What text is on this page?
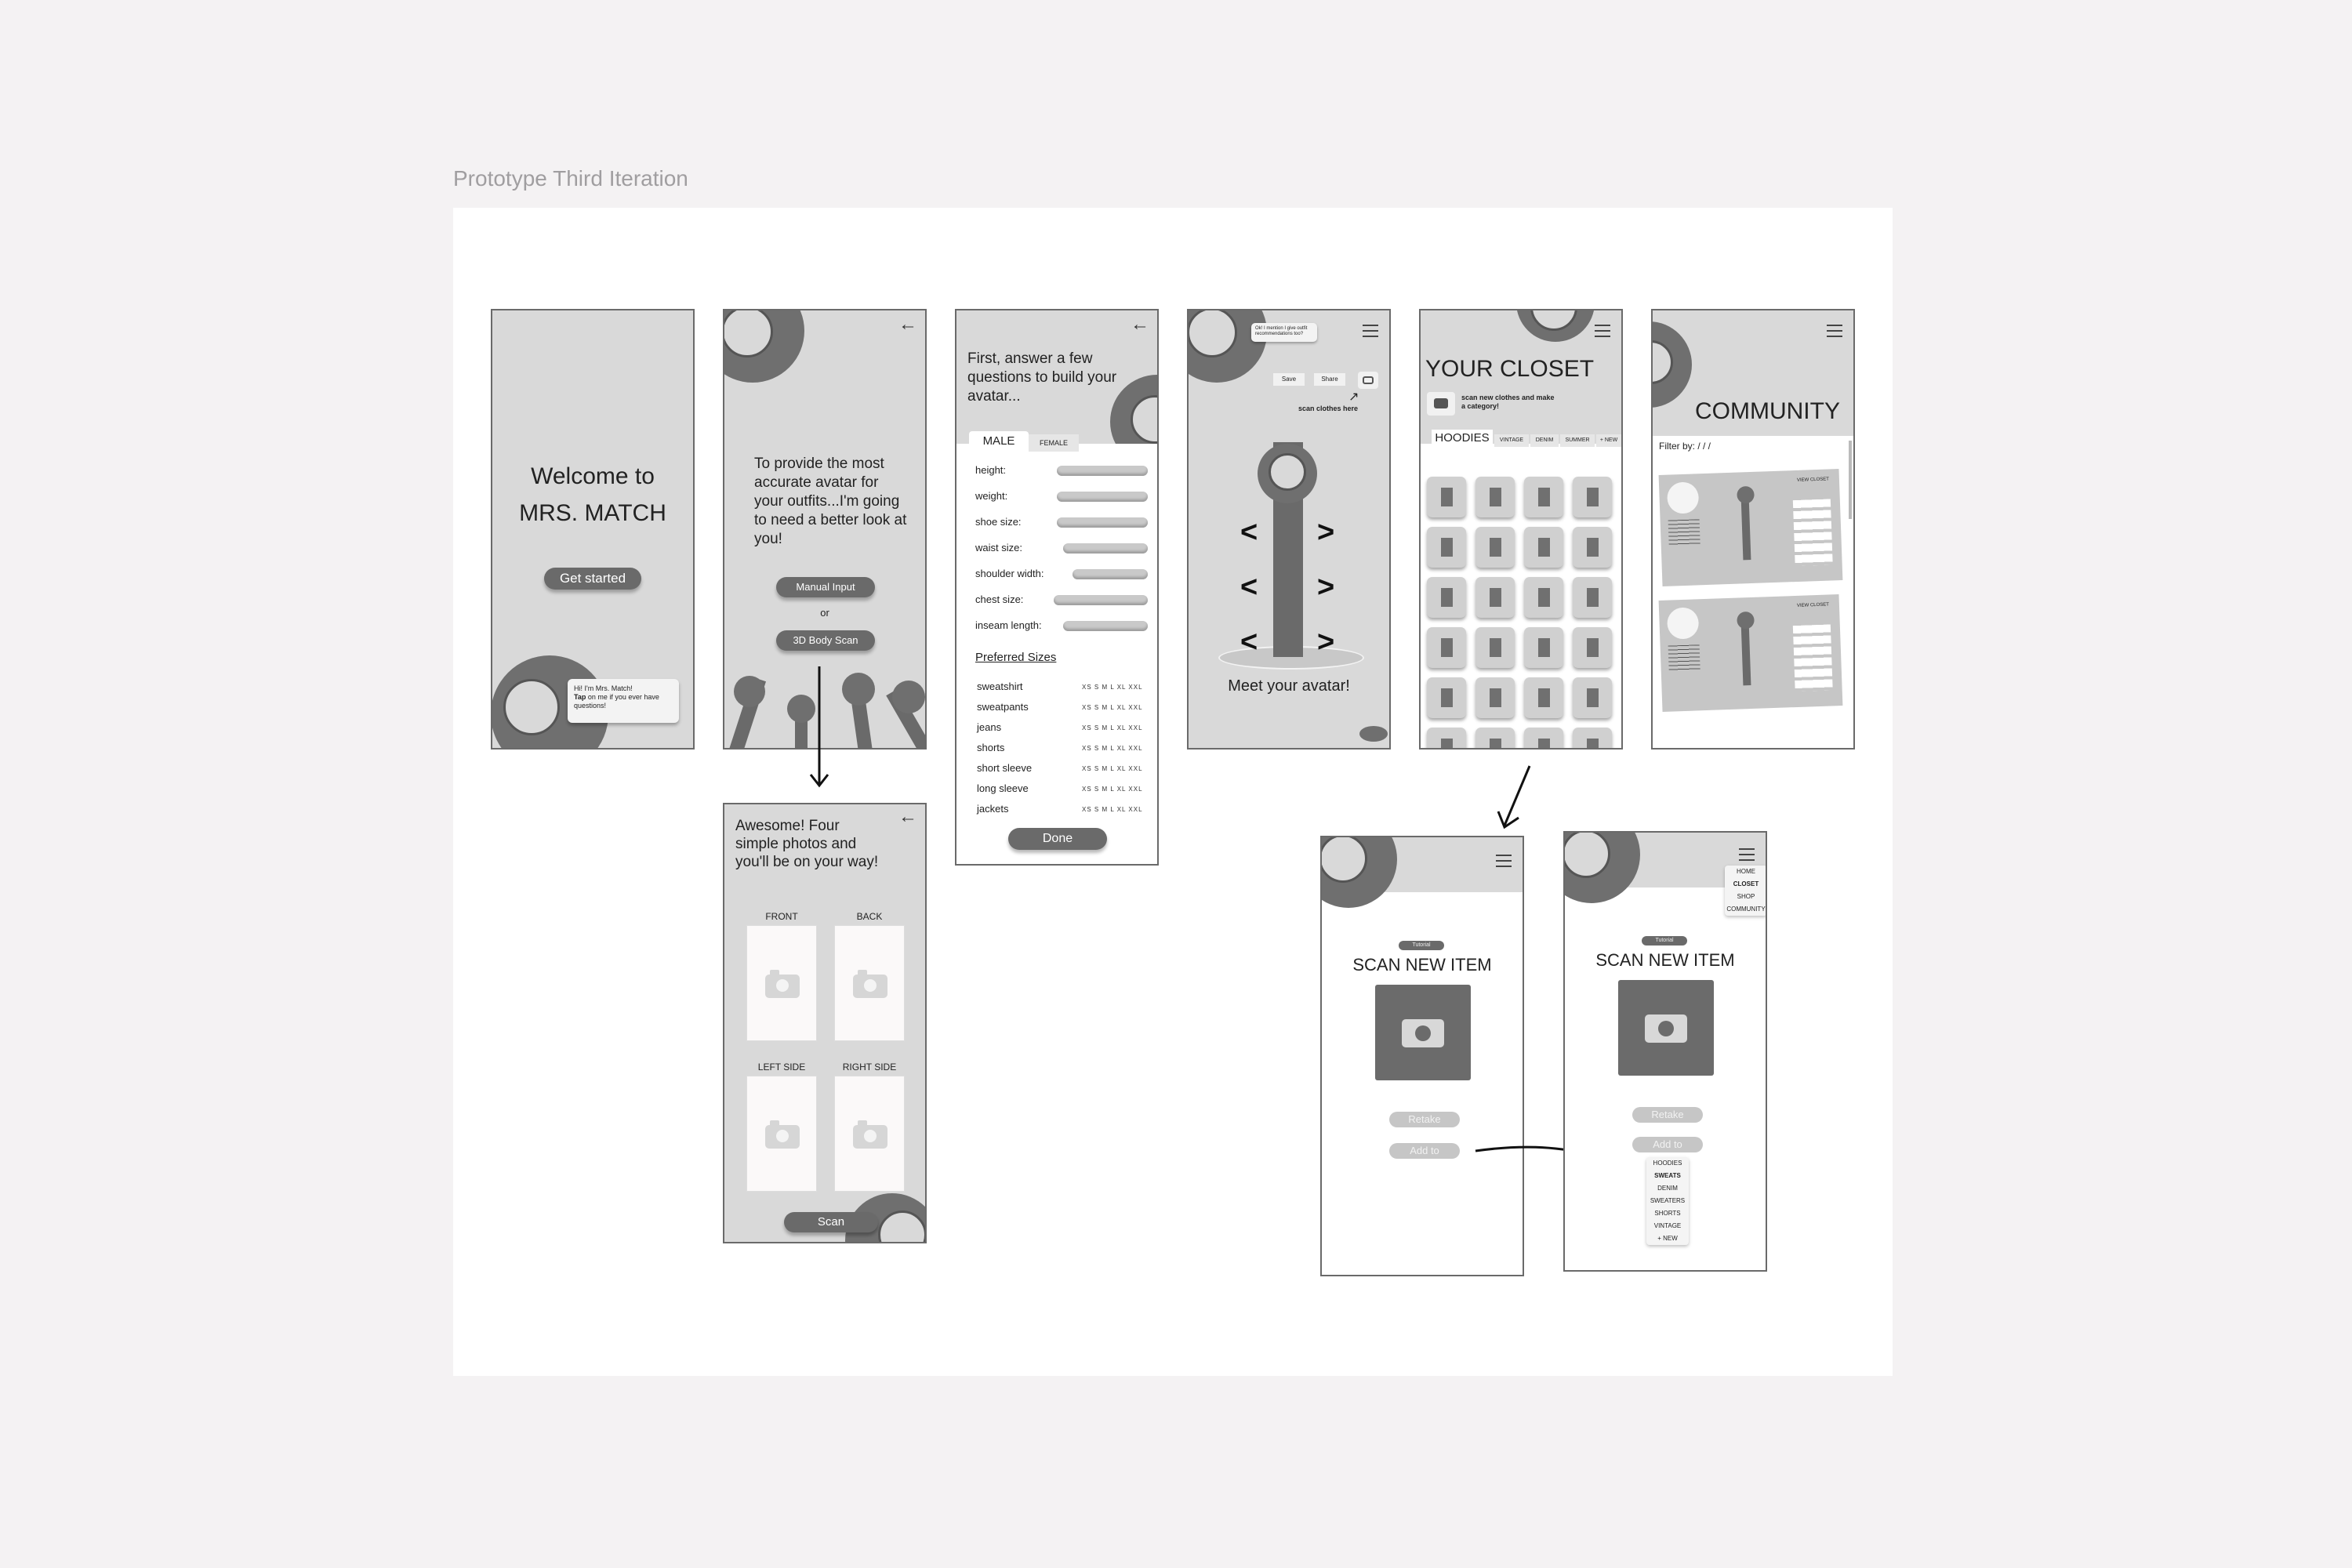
Prototype Third Iteration
Welcome to
MRS. MATCH
Get started
Hi! I'm Mrs. Match!
Tap on me if you ever have questions!
←
To provide the most accurate avatar for your outfits...I'm going to need a better look at you!
Manual Input
or
3D Body Scan
←
Awesome! Four simple photos and you'll be on your way!
FRONT	BACK
LEFT SIDE	RIGHT SIDE
Scan
←
First, answer a few questions to build your avatar...
MALE	FEMALE
height:
weight:
shoe size:
waist size:
shoulder width:
chest size:
inseam length:
Preferred Sizes
sweatshirt	XS S M L XL XXL
sweatpants	XS S M L XL XXL
jeans	XS S M L XL XXL
shorts	XS S M L XL XXL
short sleeve	XS S M L XL XXL
long sleeve	XS S M L XL XXL
jackets	XS S M L XL XXL
Done
Ok! I mention I give outfit recommendations too?
Save	Share
↗
scan clothes here
< >
< >
< >
Meet your avatar!
YOUR CLOSET
scan new clothes and make a category!
HOODIES	VINTAGE	DENIM	SUMMER	+ NEW
COMMUNITY
Filter by: / / /
VIEW CLOSET
VIEW CLOSET
Tutorial
SCAN NEW ITEM
Retake
Add to
HOME
CLOSET
SHOP
COMMUNITY
Tutorial
SCAN NEW ITEM
Retake
Add to
HOODIES
SWEATS
DENIM
SWEATERS
SHORTS
VINTAGE
+ NEW
